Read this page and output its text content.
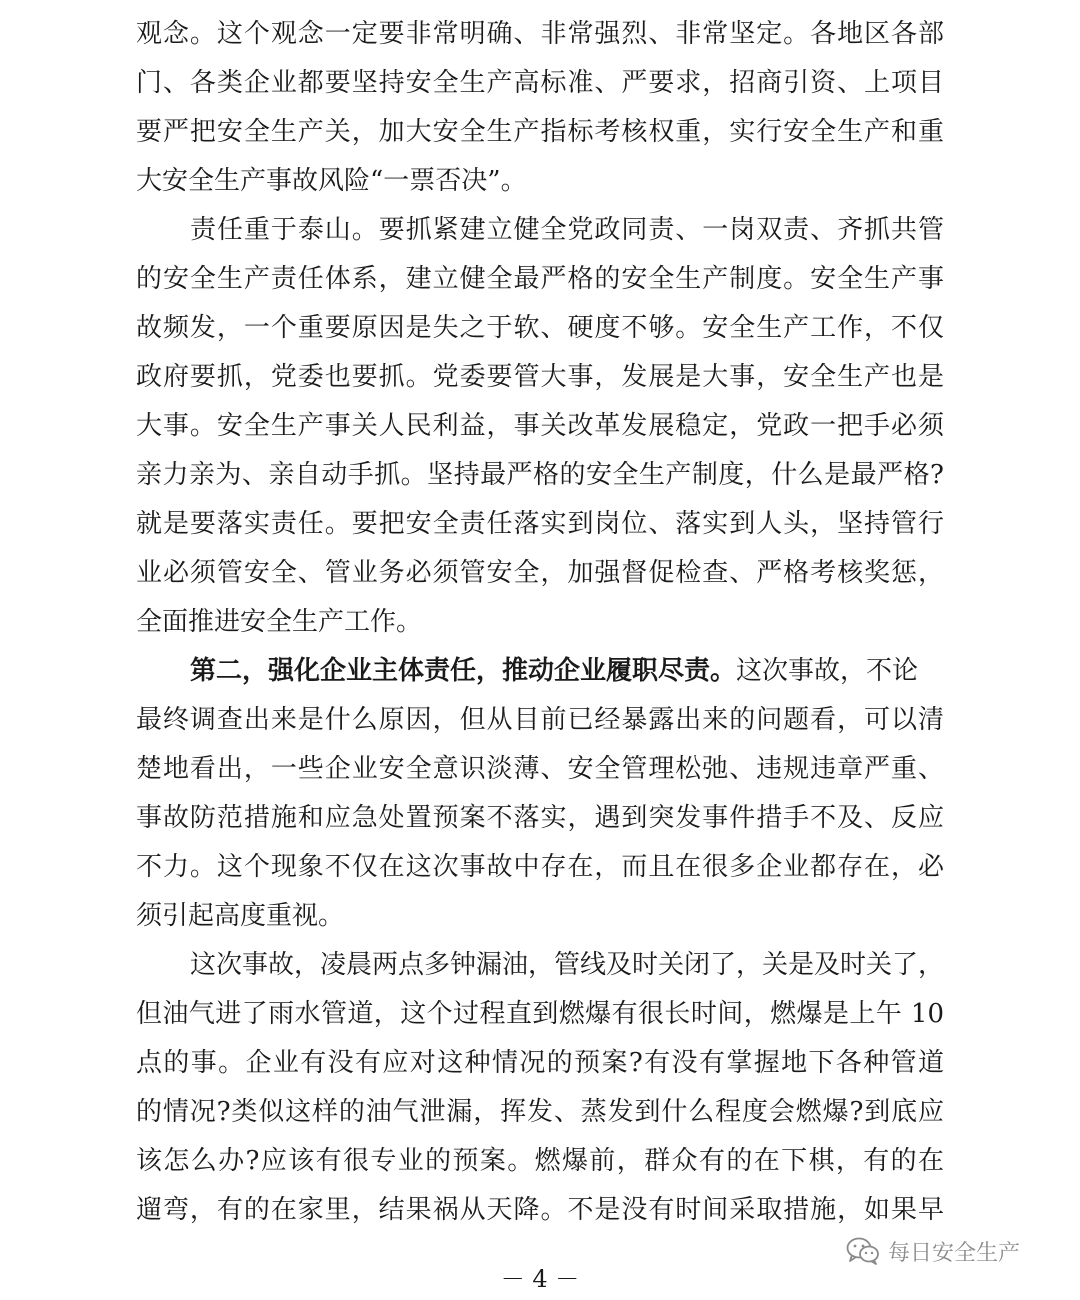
观念。这个观念一定要非常明确、非常强烈、非常坚定。各地区各部
门、各类企业都要坚持安全生产高标准、严要求，招商引资、上项目
要严把安全生产关，加大安全生产指标考核权重，实行安全生产和重
大安全生产事故风险“一票否决”。
责任重于泰山。要抓紧建立健全党政同责、一岗双责、齐抓共管
的安全生产责任体系，建立健全最严格的安全生产制度。安全生产事
故频发，一个重要原因是失之于软、硬度不够。安全生产工作，不仅
政府要抓，党委也要抓。党委要管大事，发展是大事，安全生产也是
大事。安全生产事关人民利益，事关改革发展稳定，党政一把手必须
亲力亲为、亲自动手抓。坚持最严格的安全生产制度，什么是最严格?
就是要落实责任。要把安全责任落实到岗位、落实到人头，坚持管行
业必须管安全、管业务必须管安全，加强督促检查、严格考核奖惩，
全面推进安全生产工作。
第二，强化企业主体责任，推动企业履职尽责。这次事故，不论
最终调查出来是什么原因，但从目前已经暴露出来的问题看，可以清
楚地看出，一些企业安全意识淡薄、安全管理松弛、违规违章严重、
事故防范措施和应急处置预案不落实，遇到突发事件措手不及、反应
不力。这个现象不仅在这次事故中存在，而且在很多企业都存在，必
须引起高度重视。
这次事故，凌晨两点多钟漏油，管线及时关闭了，关是及时关了，
但油气进了雨水管道，这个过程直到燃爆有很长时间，燃爆是上午 10
点的事。企业有没有应对这种情况的预案?有没有掌握地下各种管道
的情况?类似这样的油气泄漏，挥发、蒸发到什么程度会燃爆?到底应
该怎么办?应该有很专业的预案。燃爆前，群众有的在下棋，有的在
遛弯，有的在家里，结果祸从天降。不是没有时间采取措施，如果早
每日安全生产
－ 4 －
